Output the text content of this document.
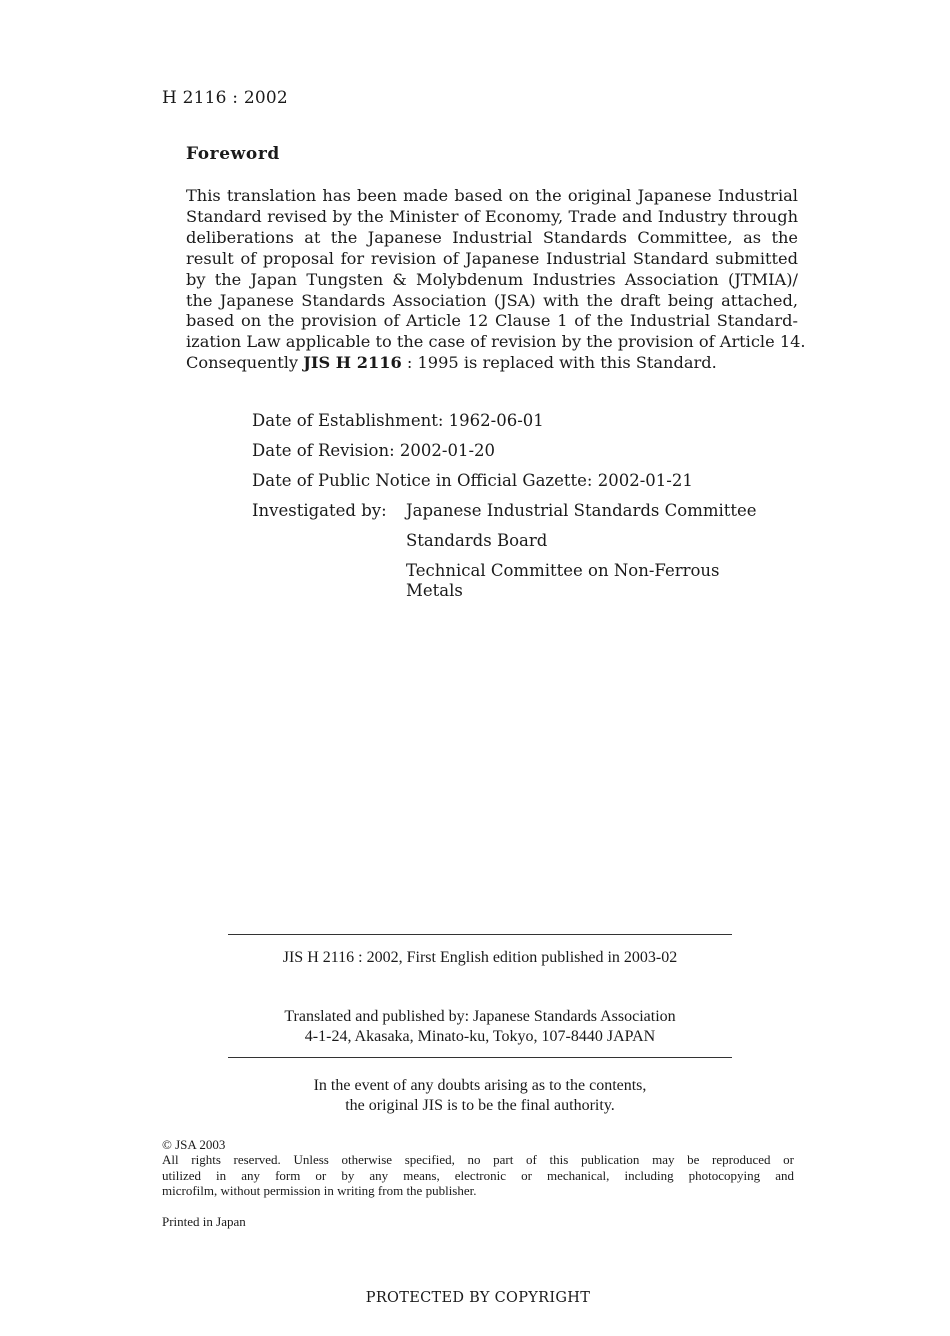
H 2116 : 2002
Foreword
This translation has been made based on the original Japanese Industrial
Standard revised by the Minister of Economy, Trade and Industry through
deliberations at the Japanese Industrial Standards Committee, as the
result of proposal for revision of Japanese Industrial Standard submitted
by the Japan Tungsten & Molybdenum Industries Association (JTMIA)/
the Japanese Standards Association (JSA) with the draft being attached,
based on the provision of Article 12 Clause 1 of the Industrial Standard-
ization Law applicable to the case of revision by the provision of Article 14.
Consequently JIS H 2116 : 1995 is replaced with this Standard.
Date of Establishment: 1962-06-01
Date of Revision: 2002-01-20
Date of Public Notice in Official Gazette: 2002-01-21
Investigated by:	Japanese Industrial Standards Committee
Standards Board
Technical Committee on Non-Ferrous
Metals
JIS H 2116 : 2002, First English edition published in 2003-02
Translated and published by: Japanese Standards Association
4-1-24, Akasaka, Minato-ku, Tokyo, 107-8440 JAPAN
In the event of any doubts arising as to the contents,
the original JIS is to be the final authority.
© JSA 2003
All rights reserved. Unless otherwise specified, no part of this publication may be reproduced or
utilized in any form or by any means, electronic or mechanical, including photocopying and
microfilm, without permission in writing from the publisher.
Printed in Japan
PROTECTED BY COPYRIGHT
